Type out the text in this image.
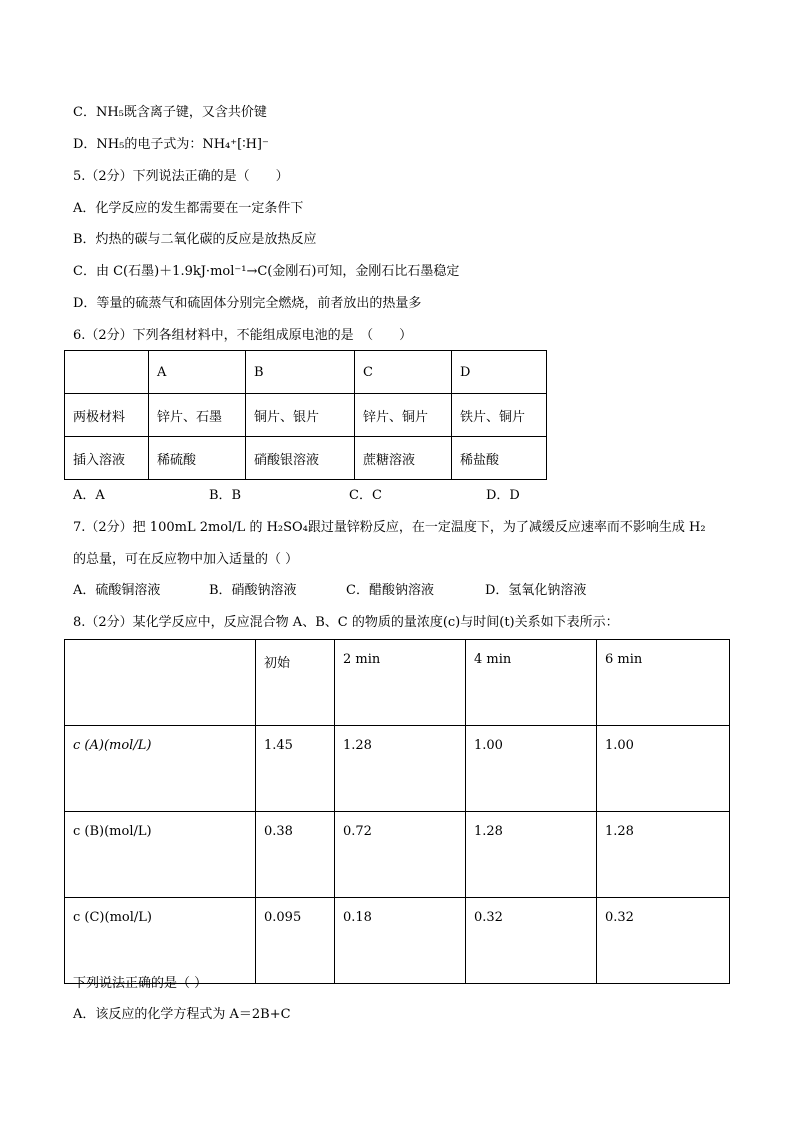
C．NH₅既含离子键，又含共价键
D．NH₅的电子式为：NH₄⁺[∶H]⁻
5.（2分）下列说法正确的是（　　）
A．化学反应的发生都需要在一定条件下
B．灼热的碳与二氧化碳的反应是放热反应
C．由 C(石墨)＋1.9kJ·mol⁻¹→C(金刚石)可知，金刚石比石墨稳定
D．等量的硫蒸气和硫固体分别完全燃烧，前者放出的热量多
6.（2分）下列各组材料中，不能组成原电池的是　（　　）
	A	B	C	D
两极材料	锌片、石墨	铜片、银片	锌片、铜片	铁片、铜片
插入溶液	稀硫酸	硝酸银溶液	蔗糖溶液	稀盐酸
A．A	B．B	C．C	D．D
7.（2分）把 100mL 2mol/L 的 H₂SO₄跟过量锌粉反应，在一定温度下，为了减缓反应速率而不影响生成 H₂
的总量，可在反应物中加入适量的（ ）
A．硫酸铜溶液	B．硝酸钠溶液	C．醋酸钠溶液	D．氢氧化钠溶液
8.（2分）某化学反应中，反应混合物 A、B、C 的物质的量浓度(c)与时间(t)关系如下表所示：
	初始	2 min	4 min	6 min
c (A)(mol/L)	1.45	1.28	1.00	1.00
c (B)(mol/L)	0.38	0.72	1.28	1.28
c (C)(mol/L)	0.095	0.18	0.32	0.32
下列说法正确的是（ ）
A．该反应的化学方程式为 A＝2B+C
